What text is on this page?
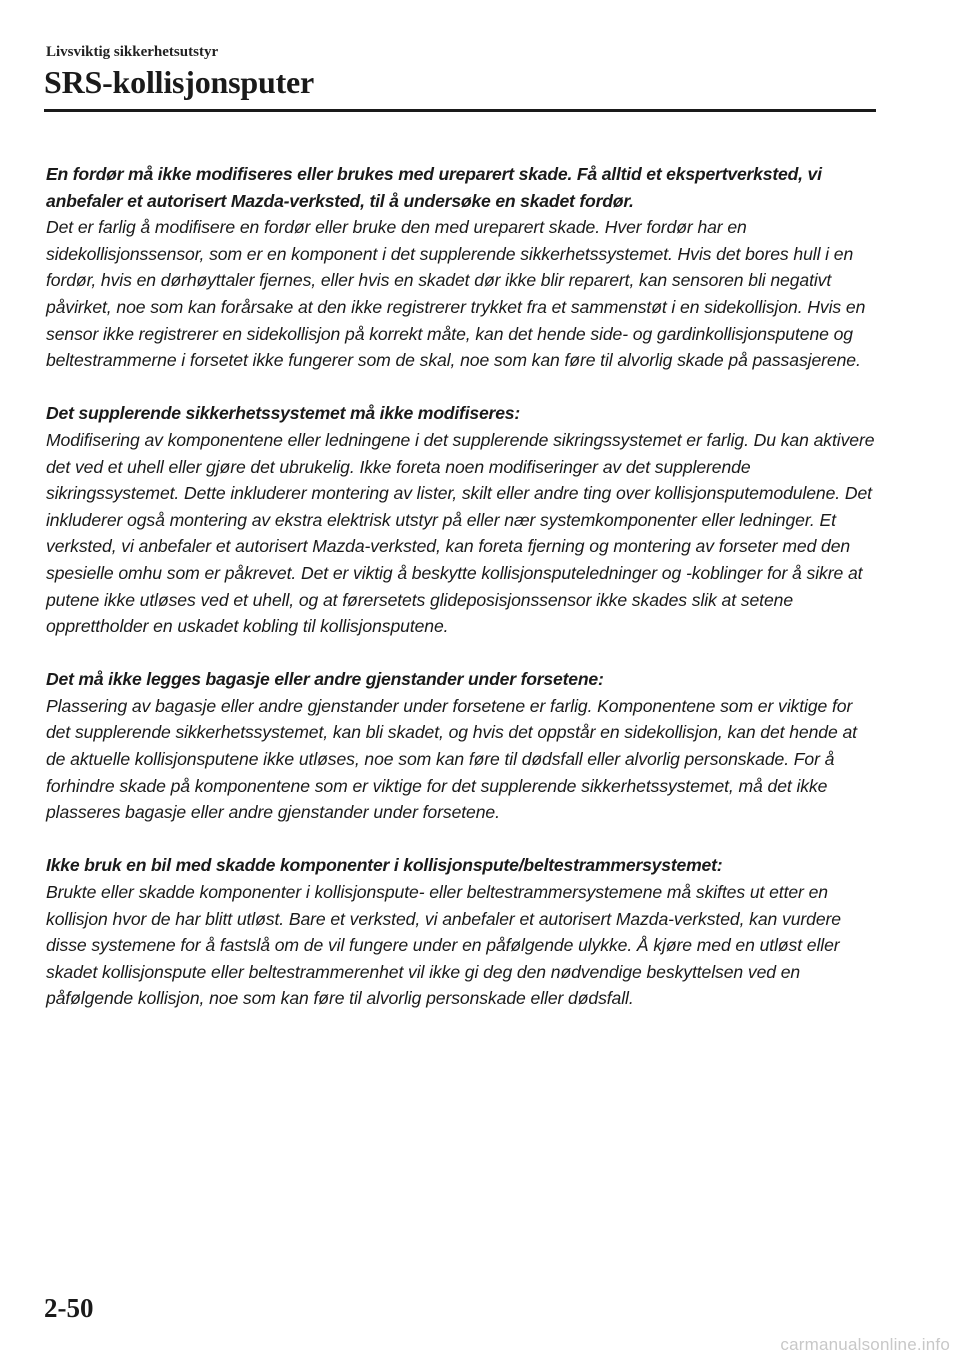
Livsviktig sikkerhetsutstyr
SRS-kollisjonsputer

En fordør må ikke modifiseres eller brukes med ureparert skade. Få alltid et ekspertverksted, vi anbefaler et autorisert Mazda-verksted, til å undersøke en skadet fordør.

Det er farlig å modifisere en fordør eller bruke den med ureparert skade. Hver fordør har en sidekollisjonssensor, som er en komponent i det supplerende sikkerhetssystemet. Hvis det bores hull i en fordør, hvis en dørhøyttaler fjernes, eller hvis en skadet dør ikke blir reparert, kan sensoren bli negativt påvirket, noe som kan forårsake at den ikke registrerer trykket fra et sammenstøt i en sidekollisjon. Hvis en sensor ikke registrerer en sidekollisjon på korrekt måte, kan det hende side- og gardinkollisjonsputene og beltestrammerne i forsetet ikke fungerer som de skal, noe som kan føre til alvorlig skade på passasjerene.

Det supplerende sikkerhetssystemet må ikke modifiseres:

Modifisering av komponentene eller ledningene i det supplerende sikringssystemet er farlig. Du kan aktivere det ved et uhell eller gjøre det ubrukelig. Ikke foreta noen modifiseringer av det supplerende sikringssystemet. Dette inkluderer montering av lister, skilt eller andre ting over kollisjonsputemodulene. Det inkluderer også montering av ekstra elektrisk utstyr på eller nær systemkomponenter eller ledninger. Et verksted, vi anbefaler et autorisert Mazda-verksted, kan foreta fjerning og montering av forseter med den spesielle omhu som er påkrevet. Det er viktig å beskytte kollisjonsputeledninger og -koblinger for å sikre at putene ikke utløses ved et uhell, og at førersetets glideposisjonssensor ikke skades slik at setene opprettholder en uskadet kobling til kollisjonsputene.

Det må ikke legges bagasje eller andre gjenstander under forsetene:

Plassering av bagasje eller andre gjenstander under forsetene er farlig. Komponentene som er viktige for det supplerende sikkerhetssystemet, kan bli skadet, og hvis det oppstår en sidekollisjon, kan det hende at de aktuelle kollisjonsputene ikke utløses, noe som kan føre til dødsfall eller alvorlig personskade. For å forhindre skade på komponentene som er viktige for det supplerende sikkerhetssystemet, må det ikke plasseres bagasje eller andre gjenstander under forsetene.

Ikke bruk en bil med skadde komponenter i kollisjonspute/beltestrammersystemet:

Brukte eller skadde komponenter i kollisjonspute- eller beltestrammersystemene må skiftes ut etter en kollisjon hvor de har blitt utløst. Bare et verksted, vi anbefaler et autorisert Mazda-verksted, kan vurdere disse systemene for å fastslå om de vil fungere under en påfølgende ulykke. Å kjøre med en utløst eller skadet kollisjonspute eller beltestrammerenhet vil ikke gi deg den nødvendige beskyttelsen ved en påfølgende kollisjon, noe som kan føre til alvorlig personskade eller dødsfall.

2-50
carmanualsonline.info
